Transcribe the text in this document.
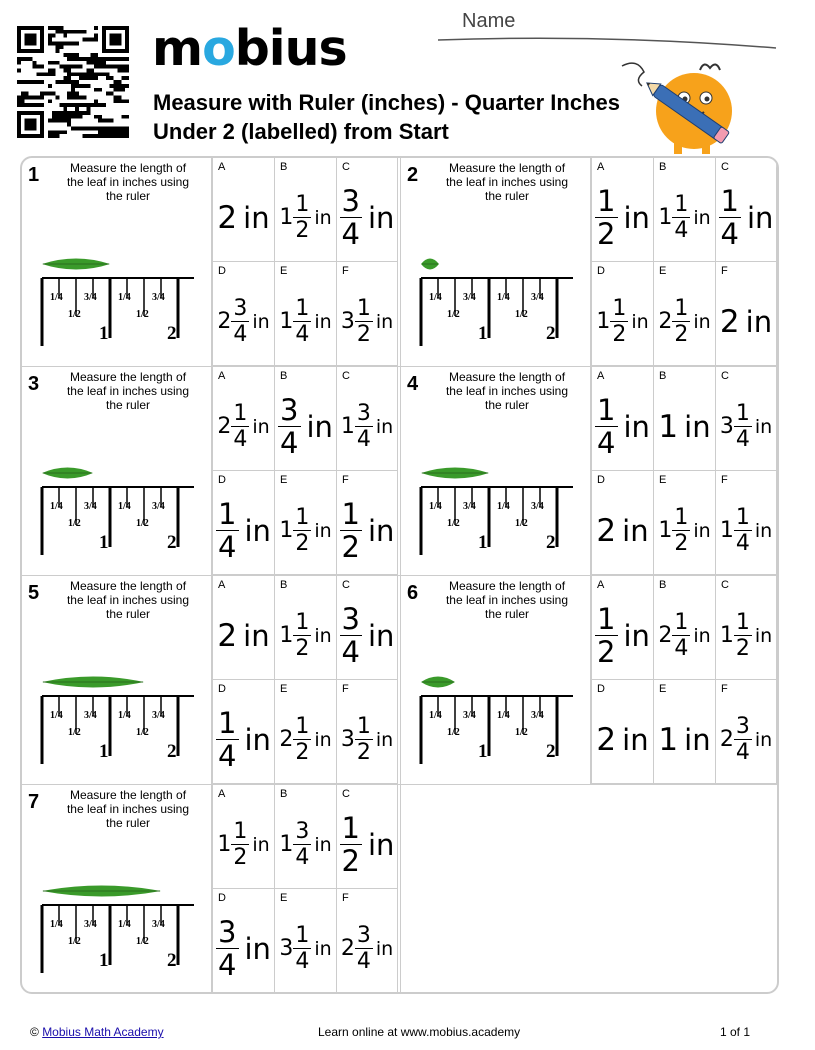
mobius
Measure with Ruler (inches) - Quarter Inches Under 2 (labelled) from Start
Name
1	Measure the length of the leaf in inches using the ruler
1/4 3/4 1/4 3/4
1/2	1/2
1	2
A
2 in
B
$1 \frac{1}{2}$ in
C
$\frac{3}{4}$ in
D
$2 \frac{3}{4}$ in
E
$1 \frac{1}{4}$ in
F
$3 \frac{1}{2}$ in
2	Measure the length of the leaf in inches using the ruler
1/4 3/4 1/4 3/4
1/2	1/2
1	2
A
$\frac{1}{2}$ in
B
$1 \frac{1}{4}$ in
C
$\frac{1}{4}$ in
D
$1 \frac{1}{2}$ in
E
$2 \frac{1}{2}$ in
F
2 in
3	Measure the length of the leaf in inches using the ruler
1/4 3/4 1/4 3/4
1/2	1/2
1	2
A
$2 \frac{1}{4}$ in
B
$\frac{3}{4}$ in
C
$1 \frac{3}{4}$ in
D
$\frac{1}{4}$ in
E
$1 \frac{1}{2}$ in
F
$\frac{1}{2}$ in
4	Measure the length of the leaf in inches using the ruler
1/4 3/4 1/4 3/4
1/2	1/2
1	2
A
$\frac{1}{4}$ in
B
1 in
C
$3 \frac{1}{4}$ in
D
2 in
E
$1 \frac{1}{2}$ in
F
$1 \frac{1}{4}$ in
5	Measure the length of the leaf in inches using the ruler
1/4 3/4 1/4 3/4
1/2	1/2
1	2
A
2 in
B
$1 \frac{1}{2}$ in
C
$\frac{3}{4}$ in
D
$\frac{1}{4}$ in
E
$2 \frac{1}{2}$ in
F
$3 \frac{1}{2}$ in
6	Measure the length of the leaf in inches using the ruler
1/4 3/4 1/4 3/4
1/2	1/2
1	2
A
$\frac{1}{2}$ in
B
$2 \frac{1}{4}$ in
C
$1 \frac{1}{2}$ in
D
2 in
E
1 in
F
$2 \frac{3}{4}$ in
7	Measure the length of the leaf in inches using the ruler
1/4 3/4 1/4 3/4
1/2	1/2
1	2
A
$1 \frac{1}{2}$ in
B
$1 \frac{3}{4}$ in
C
$\frac{1}{2}$ in
D
$\frac{3}{4}$ in
E
$3 \frac{1}{4}$ in
F
$2 \frac{3}{4}$ in
© Mobius Math Academy	Learn online at www.mobius.academy	1 of 1
